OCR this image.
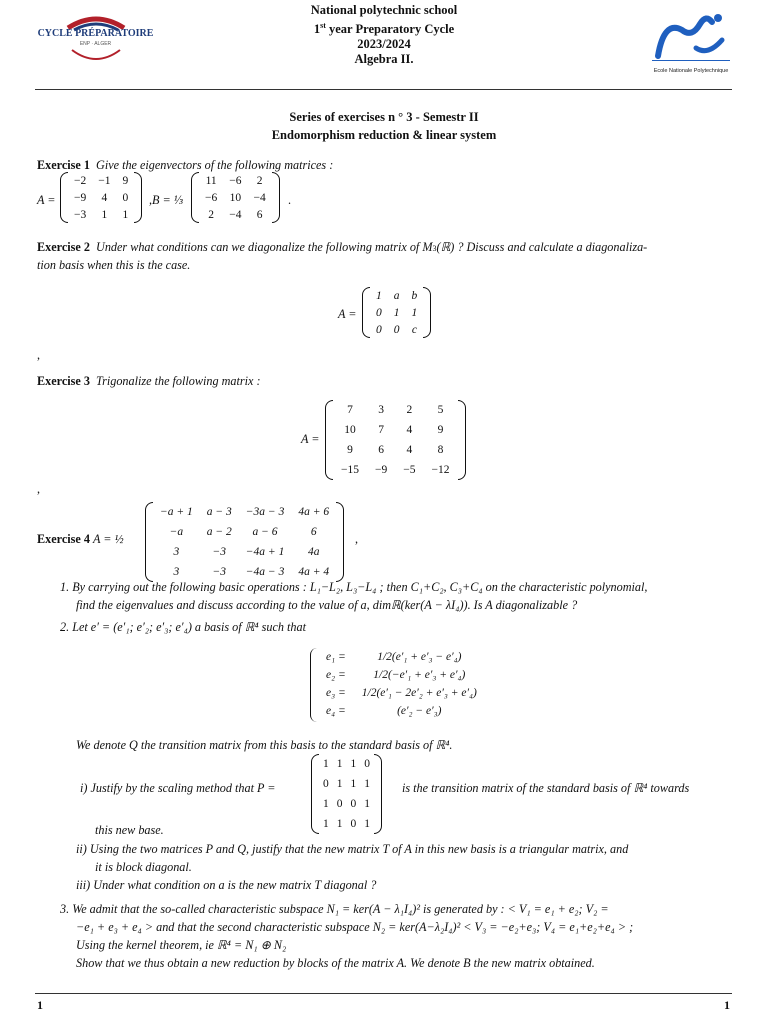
CYCLE PRÉPARATOIRE
ENP · ALGER
National polytechnic school
1st year Preparatory Cycle
2023/2024
Algebra II.
Ecole Nationale Polytechnique
Series of exercises n ° 3 - Semestr II
Endomorphism reduction & linear system
Exercise 1 Give the eigenvectors of the following matrices :
A =
−2	−1	9
−9	4	0
−3	1	1
,B = ⅓
11	−6	2
−6	10	−4
2	−4	6
.
Exercise 2 Under what conditions can we diagonalize the following matrix of M3(ℝ) ? Discuss and calculate a diagonaliza-
tion basis when this is the case.
A =
1	a	b
0	1	1
0	0	c
,
Exercise 3 Trigonalize the following matrix :
A =
7	3	2	5
10	7	4	9
9	6	4	8
−15	−9	−5	−12
,
Exercise 4 A = ½
−a + 1	a − 3	−3a − 3	4a + 6
−a	a − 2	a − 6	6
3	−3	−4a + 1	4a
3	−3	−4a − 3	4a + 4
,
1. By carrying out the following basic operations : L₁−L₂, L₃−L₄ ; then C₁+C₂, C₃+C₄ on the characteristic polynomial,
find the eigenvalues and discuss according to the value of a, dimℝ(ker(A − λI₄)). Is A diagonalizable ?
2. Let e′ = (e′₁; e′₂; e′₃; e′₄) a basis of ℝ⁴ such that
e₁ =	1/2(e′₁ + e′₃ − e′₄)
e₂ =	1/2(−e′₁ + e′₃ + e′₄)
e₃ =	1/2(e′₁ − 2e′₂ + e′₃ + e′₄)
e₄ =	(e′₂ − e′₃)
We denote Q the transition matrix from this basis to the standard basis of ℝ⁴.
i) Justify by the scaling method that P =
1	1	1	0
0	1	1	1
1	0	0	1
1	1	0	1
is the transition matrix of the standard basis of ℝ⁴ towards
this new base.
ii) Using the two matrices P and Q, justify that the new matrix T of A in this new basis is a triangular matrix, and
it is block diagonal.
iii) Under what condition on a is the new matrix T diagonal ?
3. We admit that the so-called characteristic subspace N₁ = ker(A − λ₁I₄)² is generated by : < V₁ = e₁ + e₂; V₂ =
−e₁ + e₃ + e₄ > and that the second characteristic subspace N₂ = ker(A−λ₂I₄)² < V₃ = −e₂+e₃; V₄ = e₁+e₂+e₄ > ;
Using the kernel theorem, ie ℝ⁴ = N₁ ⊕ N₂
Show that we thus obtain a new reduction by blocks of the matrix A. We denote B the new matrix obtained.
1	1
